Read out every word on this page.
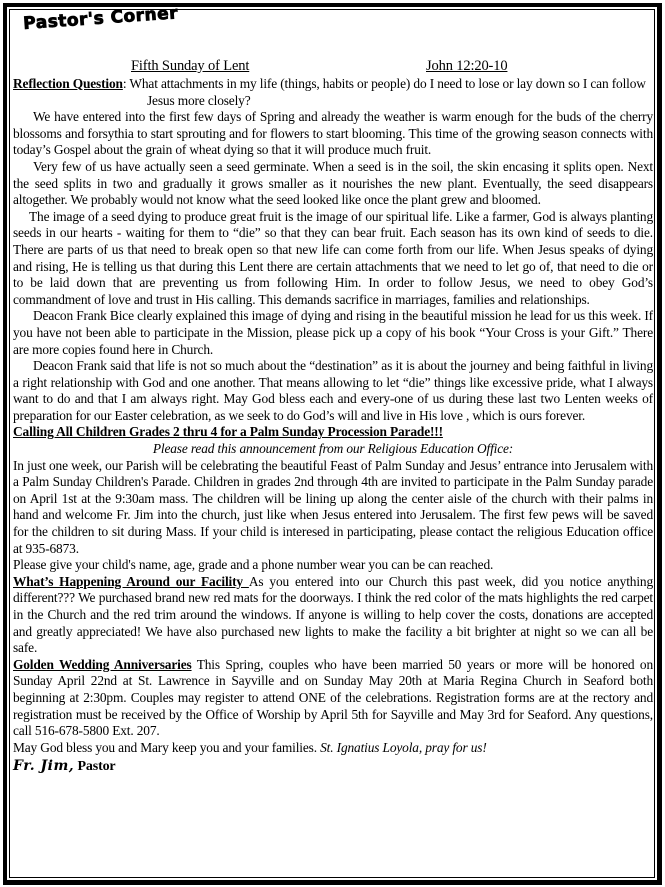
Pastor's Corner
Fifth Sunday of Lent	John 12:20-10

Reflection Question: What attachments in my life (things, habits or people) do I need to lose or lay down so I can follow Jesus more closely?

We have entered into the first few days of Spring and already the weather is warm enough for the buds of the cherry blossoms and forsythia to start sprouting and for flowers to start blooming. This time of the growing season connects with today’s Gospel about the grain of wheat dying so that it will produce much fruit.

Very few of us have actually seen a seed germinate. When a seed is in the soil, the skin encasing it splits open. Next the seed splits in two and gradually it grows smaller as it nourishes the new plant. Eventually, the seed disappears altogether. We probably would not know what the seed looked like once the plant grew and bloomed.

The image of a seed dying to produce great fruit is the image of our spiritual life. Like a farmer, God is always planting seeds in our hearts - waiting for them to “die” so that they can bear fruit. Each season has its own kind of seeds to die. There are parts of us that need to break open so that new life can come forth from our life. When Jesus speaks of dying and rising, He is telling us that during this Lent there are certain attachments that we need to let go of, that need to die or to be laid down that are preventing us from following Him. In order to follow Jesus, we need to obey God’s commandment of love and trust in His calling. This demands sacrifice in marriages, families and relationships.

Deacon Frank Bice clearly explained this image of dying and rising in the beautiful mission he lead for us this week. If you have not been able to participate in the Mission, please pick up a copy of his book “Your Cross is your Gift.” There are more copies found here in Church.

Deacon Frank said that life is not so much about the “destination” as it is about the journey and being faithful in living a right relationship with God and one another. That means allowing to let “die” things like excessive pride, what I always want to do and that I am always right. May God bless each and every-one of us during these last two Lenten weeks of preparation for our Easter celebration, as we seek to do God’s will and live in His love , which is ours forever.

Calling All Children Grades 2 thru 4 for a Palm Sunday Procession Parade!!!

Please read this announcement from our Religious Education Office:

In just one week, our Parish will be celebrating the beautiful Feast of Palm Sunday and Jesus’ entrance into Jerusalem with a Palm Sunday Children's Parade. Children in grades 2nd through 4th are invited to participate in the Palm Sunday parade on April 1st at the 9:30am mass. The children will be lining up along the center aisle of the church with their palms in hand and welcome Fr. Jim into the church, just like when Jesus entered into Jerusalem. The first few pews will be saved for the children to sit during Mass. If your child is interesed in participating, please contact the religious Education office at 935-6873.

Please give your child's name, age, grade and a phone number wear you can be can reached.

What’s Happening Around our Facility As you entered into our Church this past week, did you notice anything different??? We purchased brand new red mats for the doorways. I think the red color of the mats highlights the red carpet in the Church and the red trim around the windows. If anyone is willing to help cover the costs, donations are accepted and greatly appreciated! We have also purchased new lights to make the facility a bit brighter at night so we can all be safe.

Golden Wedding Anniversaries This Spring, couples who have been married 50 years or more will be honored on Sunday April 22nd at St. Lawrence in Sayville and on Sunday May 20th at Maria Regina Church in Seaford both beginning at 2:30pm. Couples may register to attend ONE of the celebrations. Registration forms are at the rectory and registration must be received by the Office of Worship by April 5th for Sayville and May 3rd for Seaford. Any questions, call 516-678-5800 Ext. 207.

May God bless you and Mary keep you and your families. St. Ignatius Loyola, pray for us!

Fr. Jim, Pastor
